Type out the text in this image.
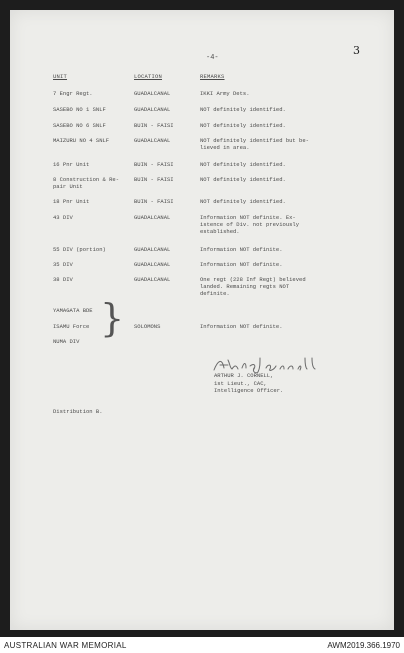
-4-
3
UNIT	LOCATION	REMARKS
7 Engr Regt.	GUADALCANAL	IKKI Army Dets.
SASEBO NO 1 SNLF	GUADALCANAL	NOT definitely identified.
SASEBO NO 6 SNLF	BUIN - FAISI	NOT definitely identified.
MAIZURU NO 4 SNLF	GUADALCANAL	NOT definitely identified but be-
lieved in area.
16 Pnr Unit	BUIN - FAISI	NOT definitely identified.
8 Construction & Re-
pair Unit
BUIN - FAISI	NOT definitely identified.
18 Pnr Unit	BUIN - FAISI	NOT definitely identified.
43 DIV	GUADALCANAL	Information NOT definite. Ex-
istence of Div. not previously
established.
55 DIV (portion)	GUADALCANAL	Information NOT definite.
35 DIV	GUADALCANAL	Information NOT definite.
38 DIV	GUADALCANAL	One regt (228 Inf Regt) believed
landed. Remaining regts NOT
definite.
YAMAGATA BDE
ISAMU Force	SOLOMONS	Information NOT definite.
NUMA DIV
}
ARTHUR J. CORNELL,
1st Lieut., CAC,
Intelligence Officer.
Distribution B.
AUSTRALIAN WAR MEMORIAL	AWM2019.366.1970
